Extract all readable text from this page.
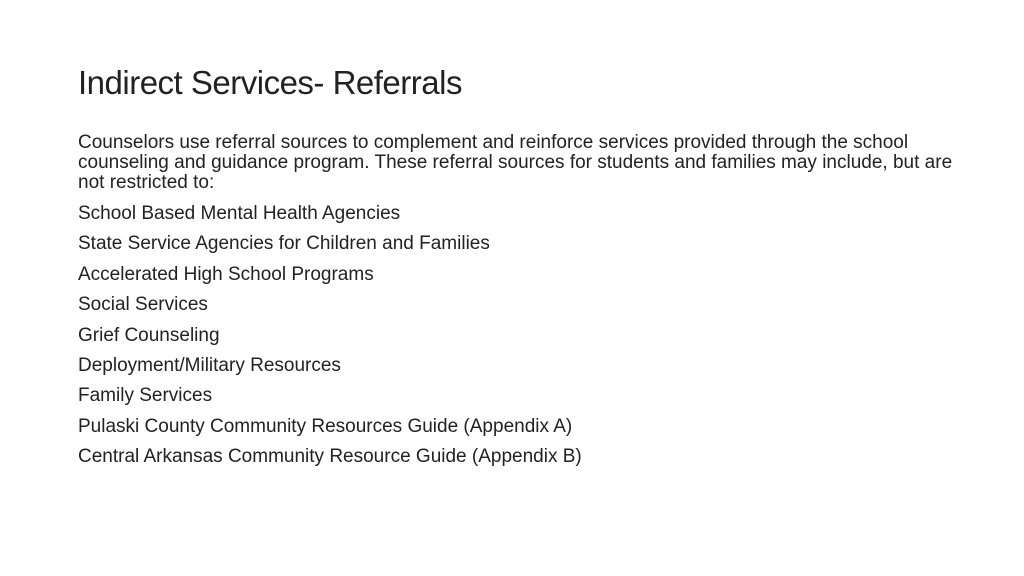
Indirect Services- Referrals
Counselors use referral sources to complement and reinforce services provided through the school counseling and guidance program. These referral sources for students and families may include, but are not restricted to:
School Based Mental Health Agencies
State Service Agencies for Children and Families
Accelerated High School Programs
Social Services
Grief Counseling
Deployment/Military Resources
Family Services
Pulaski County Community Resources Guide (Appendix A)
Central Arkansas Community Resource Guide (Appendix B)
